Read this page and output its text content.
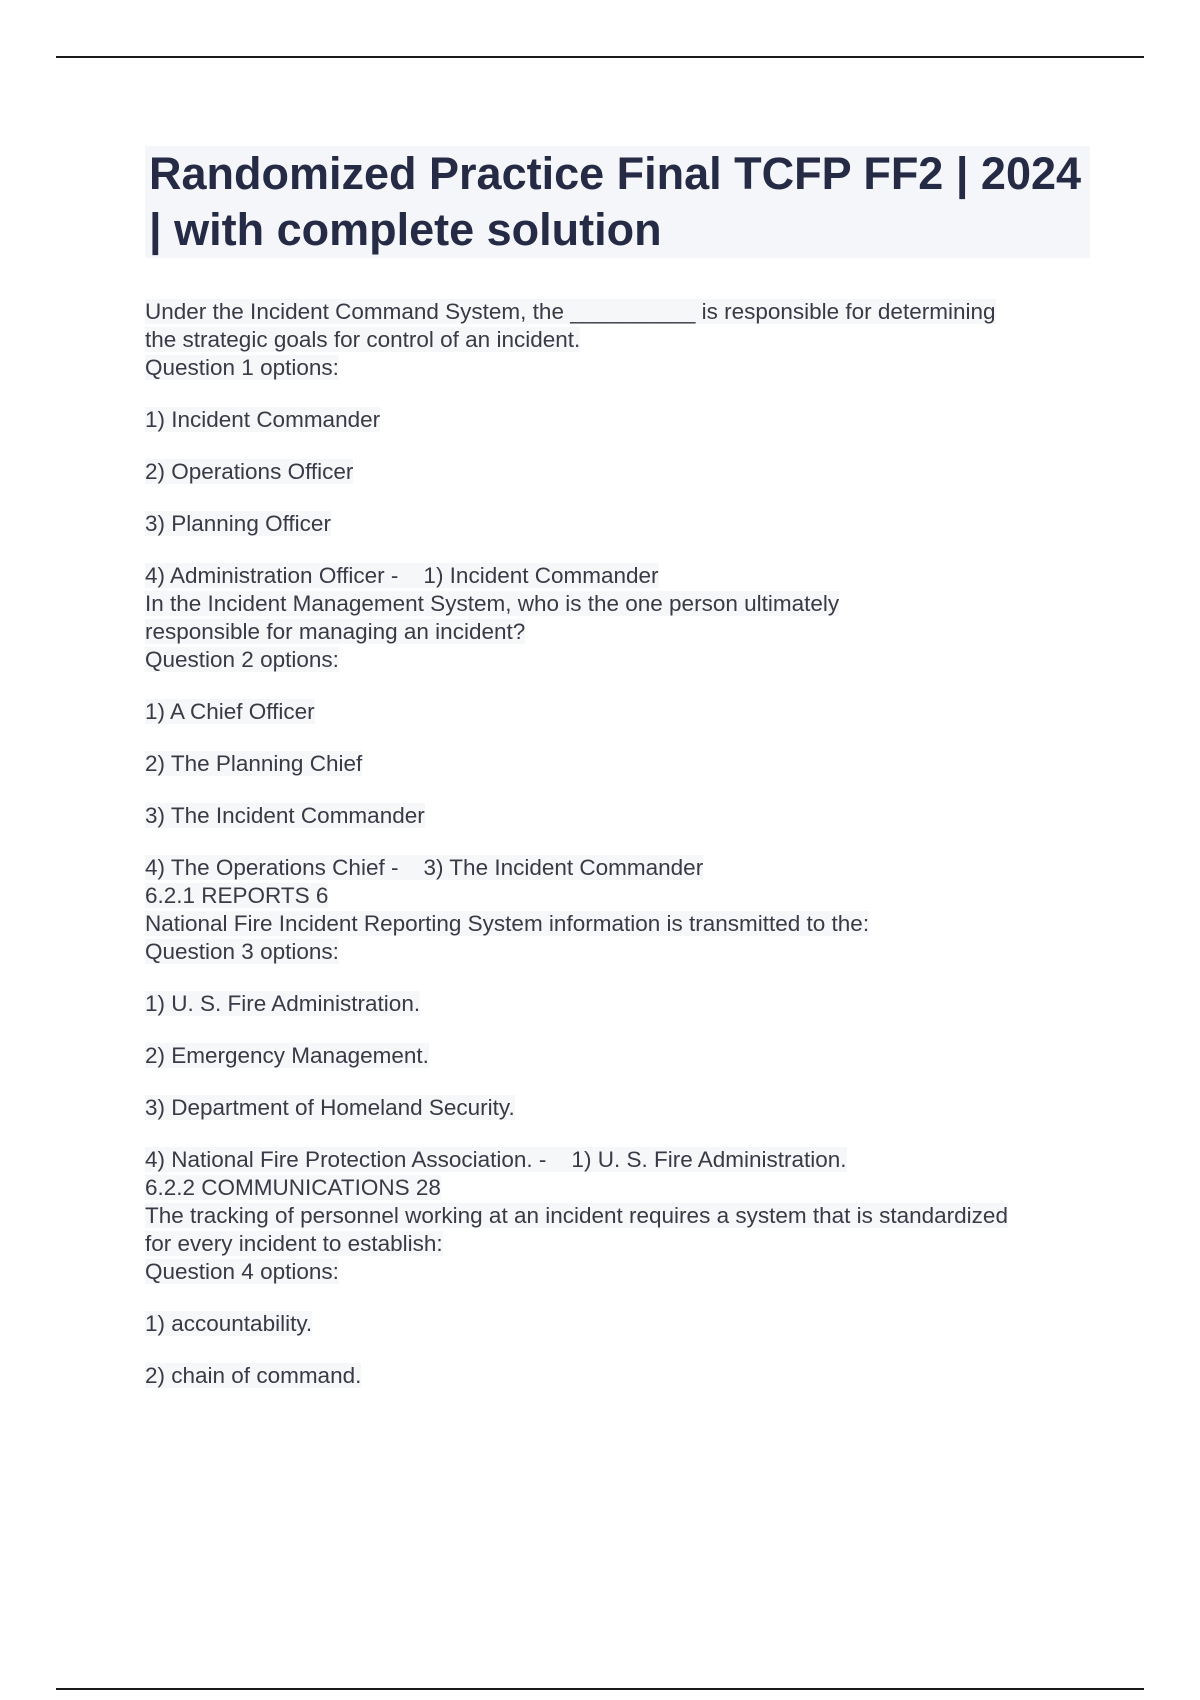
Randomized Practice Final TCFP FF2 | 2024 | with complete solution
Under the Incident Command System, the __________ is responsible for determining
the strategic goals for control of an incident.
Question 1 options:
1) Incident Commander
2) Operations Officer
3) Planning Officer
4) Administration Officer -    1) Incident Commander
In the Incident Management System, who is the one person ultimately
responsible for managing an incident?
Question 2 options:
1) A Chief Officer
2) The Planning Chief
3) The Incident Commander
4) The Operations Chief -    3) The Incident Commander
6.2.1 REPORTS 6
National Fire Incident Reporting System information is transmitted to the:
Question 3 options:
1) U. S. Fire Administration.
2) Emergency Management.
3) Department of Homeland Security.
4) National Fire Protection Association. -    1) U. S. Fire Administration.
6.2.2 COMMUNICATIONS 28
The tracking of personnel working at an incident requires a system that is standardized
for every incident to establish:
Question 4 options:
1) accountability.
2) chain of command.
